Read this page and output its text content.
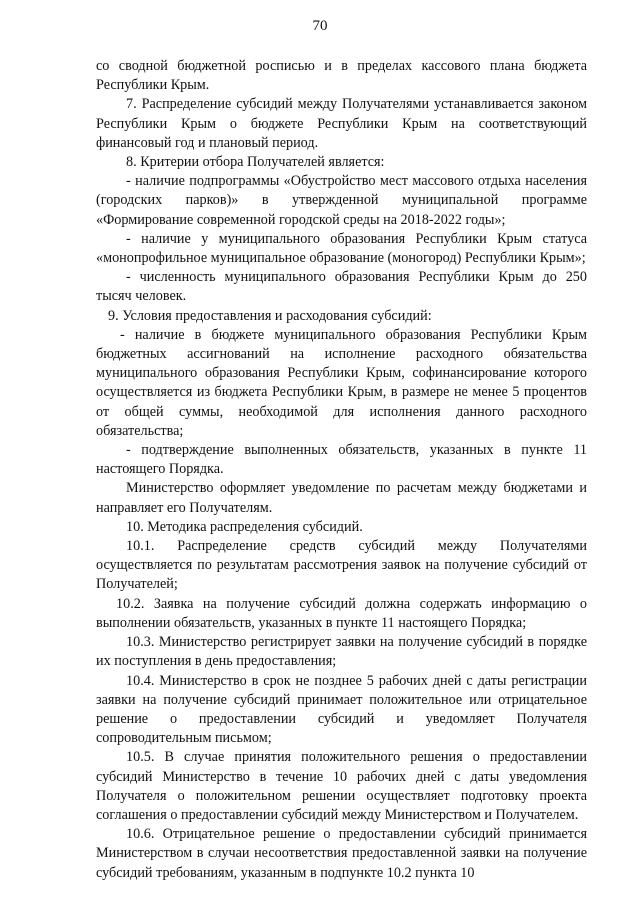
70

со сводной бюджетной росписью и в пределах кассового плана бюджета Республики Крым.

7. Распределение субсидий между Получателями устанавливается законом Республики Крым о бюджете Республики Крым на соответствующий финансовый год и плановый период.

8. Критерии отбора Получателей является:

- наличие подпрограммы «Обустройство мест массового отдыха населения (городских парков)» в утвержденной муниципальной программе «Формирование современной городской среды на 2018-2022 годы»;

- наличие у муниципального образования Республики Крым статуса «монопрофильное муниципальное образование (моногород) Республики Крым»;

- численность муниципального образования Республики Крым до 250 тысяч человек.

9. Условия предоставления и расходования субсидий:

- наличие в бюджете муниципального образования Республики Крым бюджетных ассигнований на исполнение расходного обязательства муниципального образования Республики Крым, софинансирование которого осуществляется из бюджета Республики Крым, в размере не менее 5 процентов от общей суммы, необходимой для исполнения данного расходного обязательства;

- подтверждение выполненных обязательств, указанных в пункте 11 настоящего Порядка.

Министерство оформляет уведомление по расчетам между бюджетами и направляет его Получателям.

10. Методика распределения субсидий.

10.1. Распределение средств субсидий между Получателями осуществляется по результатам рассмотрения заявок на получение субсидий от Получателей;

10.2. Заявка на получение субсидий должна содержать информацию о выполнении обязательств, указанных в пункте 11 настоящего Порядка;

10.3. Министерство регистрирует заявки на получение субсидий в порядке их поступления в день предоставления;

10.4. Министерство в срок не позднее 5 рабочих дней с даты регистрации заявки на получение субсидий принимает положительное или отрицательное решение о предоставлении субсидий и уведомляет Получателя сопроводительным письмом;

10.5. В случае принятия положительного решения о предоставлении субсидий Министерство в течение 10 рабочих дней с даты уведомления Получателя о положительном решении осуществляет подготовку проекта соглашения о предоставлении субсидий между Министерством и Получателем.

10.6. Отрицательное решение о предоставлении субсидий принимается Министерством в случаи несоответствия предоставленной заявки на получение субсидий требованиям, указанным в подпункте 10.2 пункта 10
